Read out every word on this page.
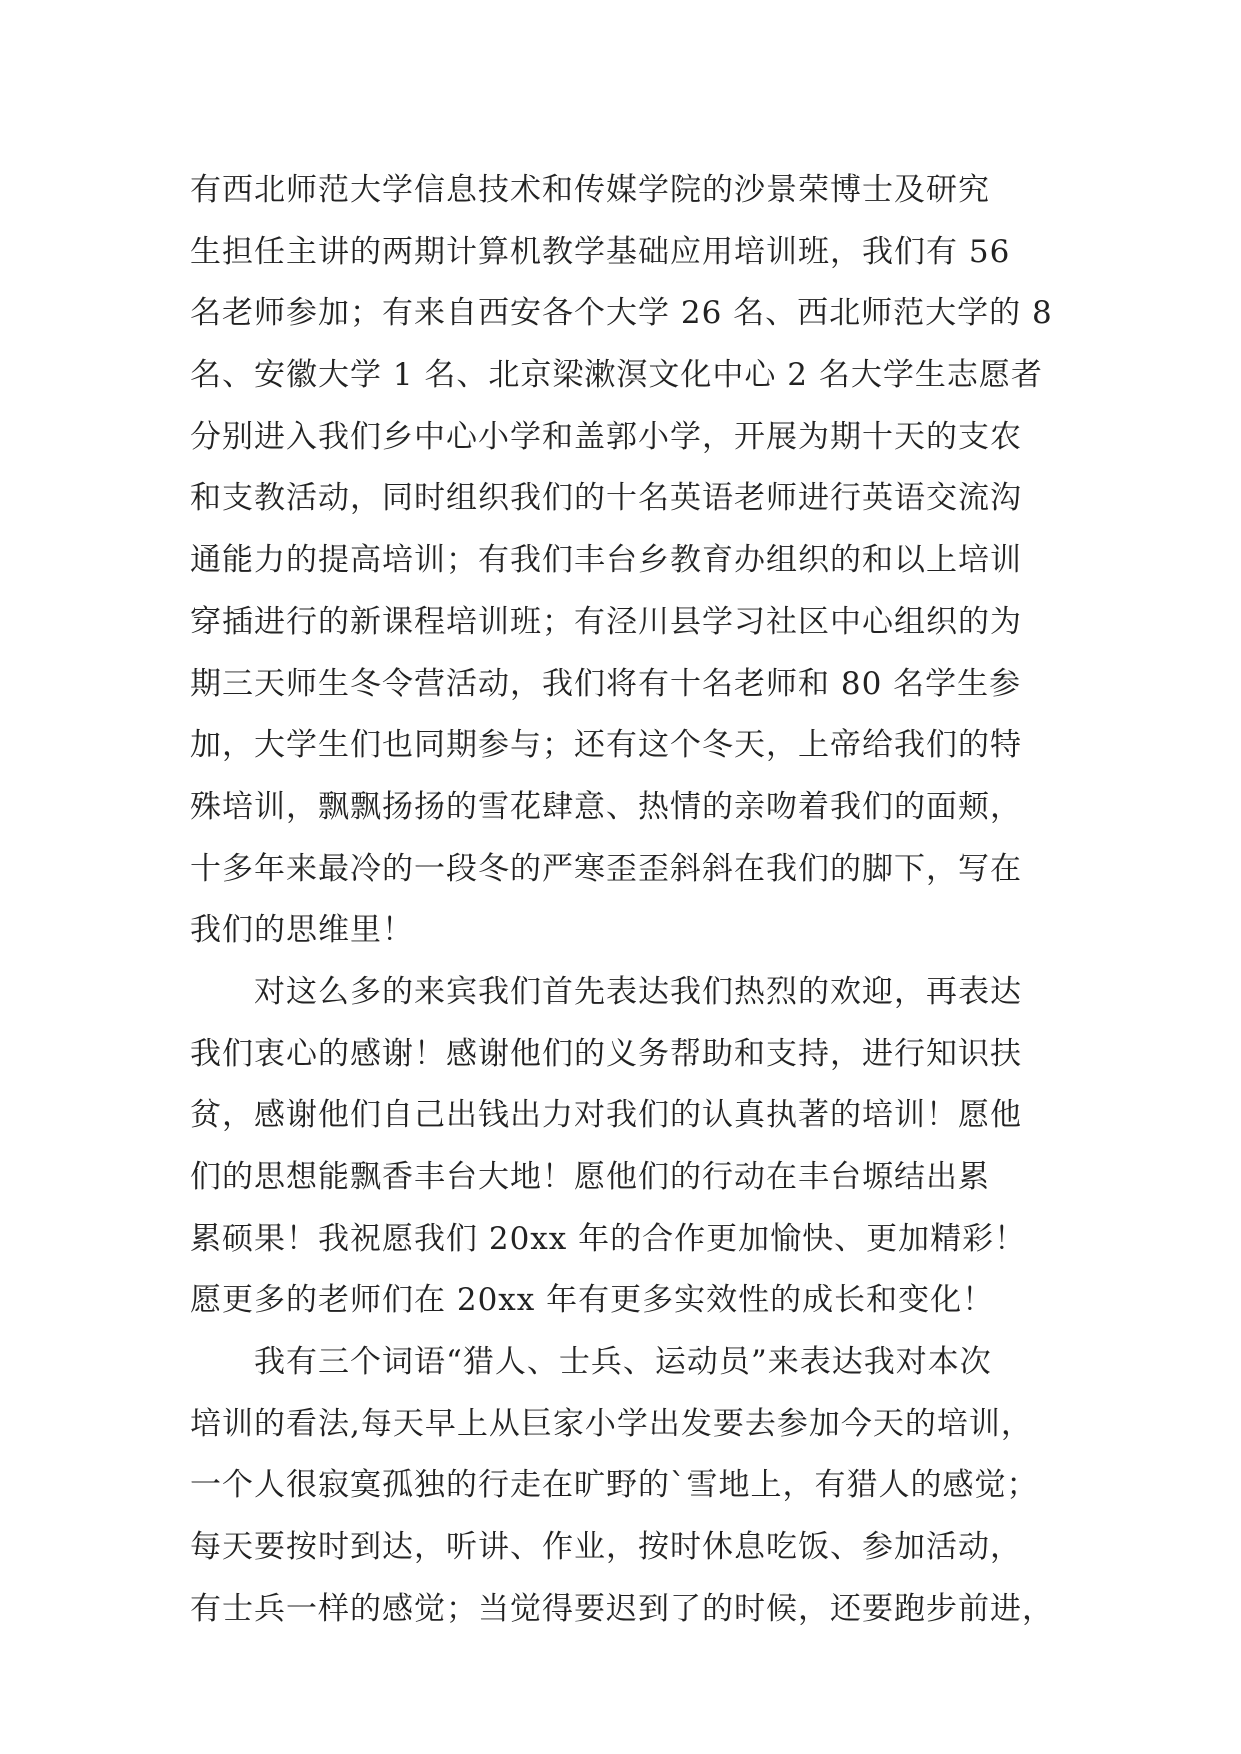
有西北师范大学信息技术和传媒学院的沙景荣博士及研究
生担任主讲的两期计算机教学基础应用培训班，我们有 56
名老师参加；有来自西安各个大学 26 名、西北师范大学的 8
名、安徽大学 1 名、北京梁漱溟文化中心 2 名大学生志愿者
分别进入我们乡中心小学和盖郭小学，开展为期十天的支农
和支教活动，同时组织我们的十名英语老师进行英语交流沟
通能力的提高培训；有我们丰台乡教育办组织的和以上培训
穿插进行的新课程培训班；有泾川县学习社区中心组织的为
期三天师生冬令营活动，我们将有十名老师和 80 名学生参
加，大学生们也同期参与；还有这个冬天，上帝给我们的特
殊培训，飘飘扬扬的雪花肆意、热情的亲吻着我们的面颊，
十多年来最冷的一段冬的严寒歪歪斜斜在我们的脚下，写在
我们的思维里！
　　对这么多的来宾我们首先表达我们热烈的欢迎，再表达
我们衷心的感谢！感谢他们的义务帮助和支持，进行知识扶
贫，感谢他们自己出钱出力对我们的认真执著的培训！愿他
们的思想能飘香丰台大地！愿他们的行动在丰台塬结出累
累硕果！我祝愿我们 20xx 年的合作更加愉快、更加精彩！
愿更多的老师们在 20xx 年有更多实效性的成长和变化！
　　我有三个词语“猎人、士兵、运动员”来表达我对本次
培训的看法,每天早上从巨家小学出发要去参加今天的培训，
一个人很寂寞孤独的行走在旷野的`雪地上，有猎人的感觉；
每天要按时到达，听讲、作业，按时休息吃饭、参加活动，
有士兵一样的感觉；当觉得要迟到了的时候，还要跑步前进，
